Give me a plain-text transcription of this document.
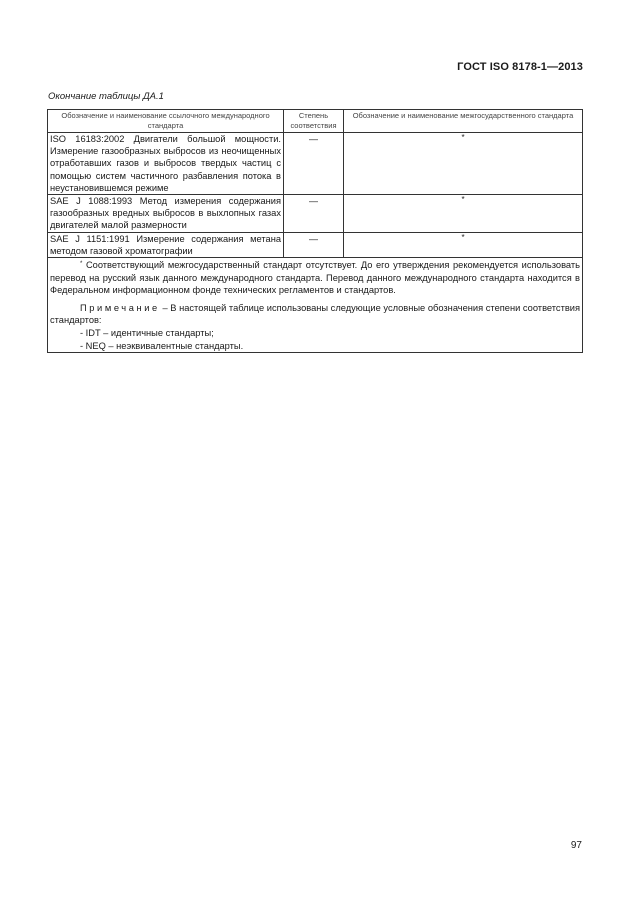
ГОСТ ISO 8178-1—2013
Окончание таблицы ДА.1
Обозначение и наименование ссылочного международного стандарта	Степень соответствия	Обозначение и наименование межгосударственного стандарта
ISO 16183:2002 Двигатели большой мощности. Измерение газообразных выбросов из неочищенных отработавших газов и выбросов твердых частиц с помощью систем частичного разбавления потока в неустановившемся режиме	—	*
SAE J 1088:1993 Метод измерения содержания газообразных вредных выбросов в выхлопных газах двигателей малой размерности	—	*
SAE J 1151:1991 Измерение содержания метана методом газовой хроматографии	—	*

* Соответствующий межгосударственный стандарт отсутствует. До его утверждения рекомендуется использовать перевод на русский язык данного международного стандарта. Перевод данного международного стандарта находится в Федеральном информационном фонде технических регламентов и стандартов.

Примечание – В настоящей таблице использованы следующие условные обозначения степени соответствия стандартов:

- IDT – идентичные стандарты;

- NEQ – неэквивалентные стандарты.		

97
